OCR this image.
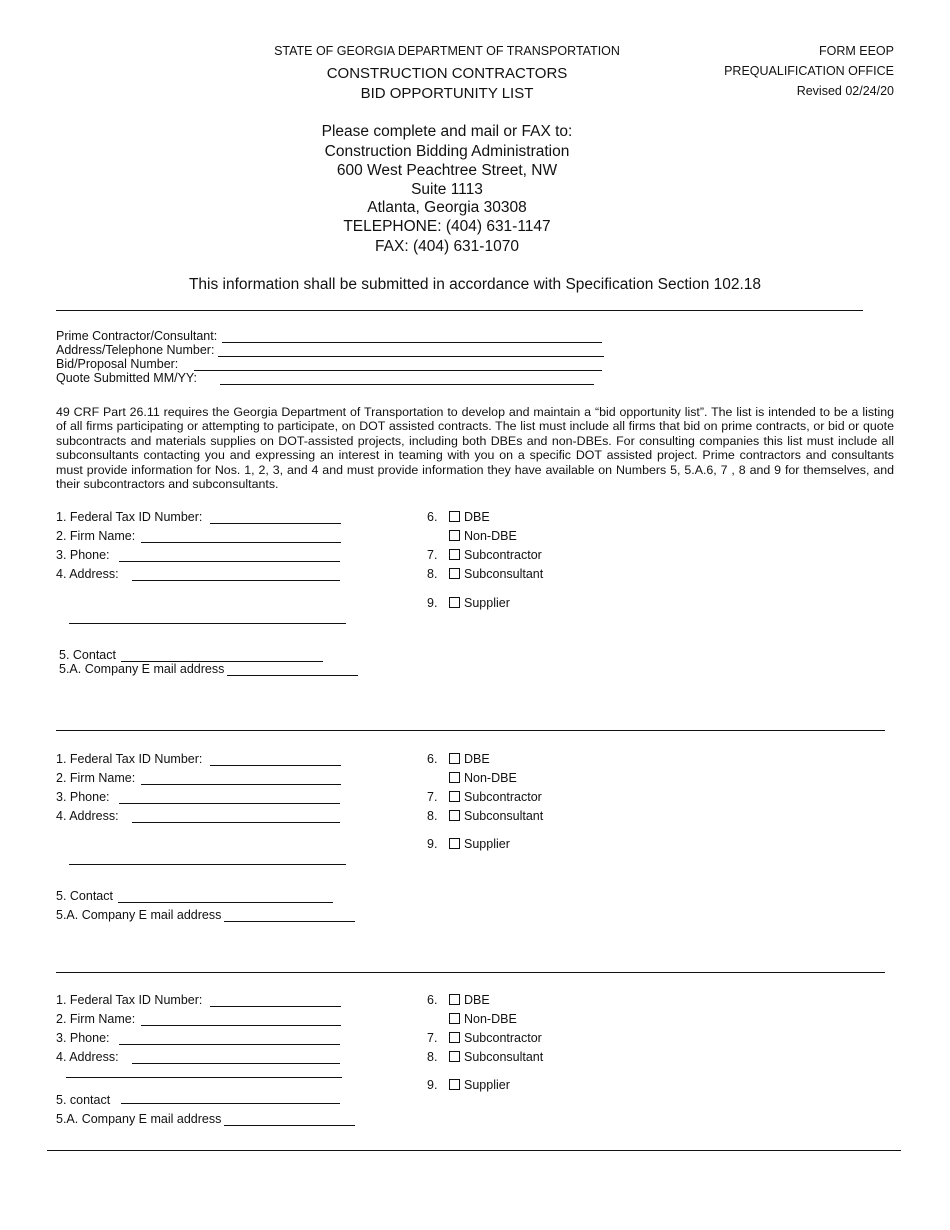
STATE OF GEORGIA DEPARTMENT OF TRANSPORTATION
CONSTRUCTION CONTRACTORS
BID OPPORTUNITY LIST
FORM EEOP
PREQUALIFICATION OFFICE
Revised 02/24/20
Please complete and mail or FAX to:
Construction Bidding Administration
600 West Peachtree Street, NW
Suite 1113
Atlanta, Georgia 30308
TELEPHONE: (404) 631-1147
FAX: (404) 631-1070
This information shall be submitted in accordance with Specification Section 102.18
Prime Contractor/Consultant:
Address/Telephone Number:
Bid/Proposal Number:
Quote Submitted MM/YY:
49 CRF Part 26.11 requires the Georgia Department of Transportation to develop and maintain a “bid opportunity list”. The list is intended to be a listing of all firms participating or attempting to participate, on DOT assisted contracts. The list must include all firms that bid on prime contracts, or bid or quote subcontracts and materials supplies on DOT-assisted projects, including both DBEs and non-DBEs. For consulting companies this list must include all subconsultants contacting you and expressing an interest in teaming with you on a specific DOT assisted project. Prime contractors and consultants must provide information for Nos. 1, 2, 3, and 4 and must provide information they have available on Numbers 5, 5.A.6, 7 , 8 and 9 for themselves, and their subcontractors and subconsultants.
1. Federal Tax ID Number:
2. Firm Name:
3. Phone:
4. Address:
5. Contact
5.A. Company E mail address
6.	DBE
Non-DBE
7.	Subcontractor
8.	Subconsultant
9.	Supplier
1. Federal Tax ID Number:
2. Firm Name:
3. Phone:
4. Address:
5. Contact
5.A. Company E mail address
6.	DBE
Non-DBE
7.	Subcontractor
8.	Subconsultant
9.	Supplier
1. Federal Tax ID Number:
2. Firm Name:
3. Phone:
4. Address:
5. contact
5.A. Company E mail address
6.	DBE
Non-DBE
7.	Subcontractor
8.	Subconsultant
9.	Supplier
